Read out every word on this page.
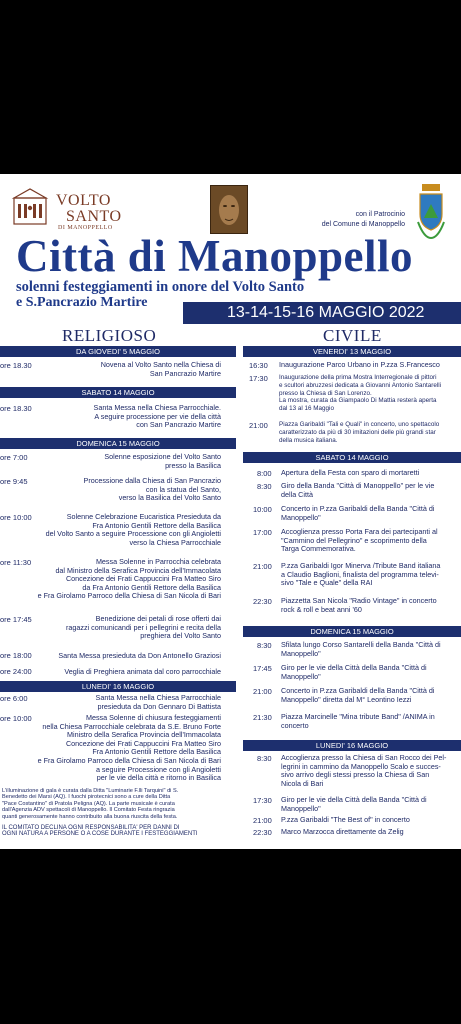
VOLTO
SANTO
DI MANOPPELLO
con il Patrocinio
del Comune di Manoppello
Città di Manoppello
solenni festeggiamenti in onore del Volto Santo
e S.Pancrazio Martire
13-14-15-16 MAGGIO 2022
RELIGIOSO	CIVILE
DA GIOVEDI' 5 MAGGIO
ore 18.30	Novena al Volto Santo nella Chiesa di
San Pancrazio Martire
SABATO 14 MAGGIO
ore 18.30	Santa Messa nella Chiesa Parrocchiale.
A seguire processione per vie della città
con San Pancrazio Martire
DOMENICA 15 MAGGIO
ore 7:00	Solenne esposizione del Volto Santo
presso la Basilica
ore 9:45	Processione dalla Chiesa di San Pancrazio
con la statua del Santo,
verso la Basilica del Volto Santo
ore 10:00	Solenne Celebrazione Eucaristica Presieduta da
Fra Antonio Gentili Rettore della Basilica
del Volto Santo a seguire Processione con gli Angioletti
verso la Chiesa Parrocchiale
ore 11:30	Messa Solenne in Parrocchia celebrata
dal Ministro della Serafica Provincia dell'Immacolata
Concezione dei Frati Cappuccini Fra Matteo Siro
da Fra Antonio Gentili Rettore della Basilica
e Fra Girolamo Parroco della Chiesa di San Nicola di Bari
ore 17:45	Benedizione dei petali di rose offerti dai
ragazzi comunicandi per i pellegrini e recita della
preghiera del Volto Santo
ore 18:00	Santa Messa presieduta da Don Antonello Graziosi
ore 24:00	Veglia di Preghiera animata dal coro parrocchiale
LUNEDI' 16 MAGGIO
ore 6:00	Santa Messa nella Chiesa Parrocchiale
presieduta da Don Gennaro Di Battista
ore 10:00	Messa Solenne di chiusura festeggiamenti
nella Chiesa Parrocchiale celebrata da S.E. Bruno Forte
Ministro della Serafica Provincia dell'Immacolata
Concezione dei Frati Cappuccini Fra Matteo Siro
Fra Antonio Gentili Rettore della Basilica
e Fra Girolamo Parroco della Chiesa di San Nicola di Bari
a seguire Processione con gli Angioletti
per le vie della città e ritorno in Basilica
L'illuminazione di gala è curata dalla Ditta "Luminarie F.lli Tarquini" di S.
Benedetto dei Marsi (AQ). I fuochi pirotecnici sono a cure della Ditta
"Pace Costantino" di Pratola Peligna (AQ). La parte musicale è curata
dall'Agenzia ADV spettacoli di Manoppello. Il Comitato Festa ringrazia
quanti generosamente hanno contribuito alla buona riuscita della festa.
IL COMITATO DECLINA OGNI RESPONSABILITA' PER DANNI DI
OGNI NATURA A PERSONE O A COSE DURANTE I FESTEGGIAMENTI
VENERDI' 13 MAGGIO
16:30 Inaugurazione Parco Urbano in P.zza S.Francesco
17:30 Inaugurazione della prima Mostra Interregionale di pittori
e scultori abruzzesi dedicata a Giovanni Antonio Santarelli
presso la Chiesa di San Lorenzo.
La mostra, curata da Giampaolo Di Mattia resterà aperta
dal 13 al 16 Maggio
21:00 Piazza Garibaldi "Tali e Quali" in concerto, uno spettacolo
caratterizzato da più di 30 imitazioni delle più grandi star
della musica italiana.
SABATO 14 MAGGIO
8:00 Apertura della Festa con sparo di mortaretti
8:30 Giro della Banda "Città di Manoppello" per le vie
della Città
10:00 Concerto in P.zza Garibaldi della Banda "Città di
Manoppello"
17:00 Accoglienza presso Porta Fara dei partecipanti al
"Cammino del Pellegrino" e scoprimento della
Targa Commemorativa.
21:00 P.zza Garibaldi Igor Minerva /Tribute Band italiana
a Claudio Baglioni, finalista del programma televi-
sivo "Tale e Quale" della RAI
22:30 Piazzetta San Nicola "Radio Vintage" in concerto
rock & roll e beat anni '60
DOMENICA 15 MAGGIO
8:30 Sfilata lungo Corso Santarelli della Banda "Città di
Manoppello"
17:45 Giro per le vie della Città della Banda "Città di
Manoppello"
21:00 Concerto in P.zza Garibaldi della Banda "Città di
Manoppello" diretta dal M° Leontino Iezzi
21:30 Piazza Marcinelle "Mina tribute Band" /ANIMA in
concerto
LUNEDI' 16 MAGGIO
8:30 Accoglienza presso la Chiesa di San Rocco dei Pel-
legrini in cammino da Manoppello Scalo e succes-
sivo arrivo degli stessi presso la Chiesa di San
Nicola di Bari
17:30 Giro per le vie della Città della Banda "Città di
Manoppello"
21:00 P.zza Garibaldi "The Best of" in concerto
22:30 Marco Marzocca direttamente da Zelig
